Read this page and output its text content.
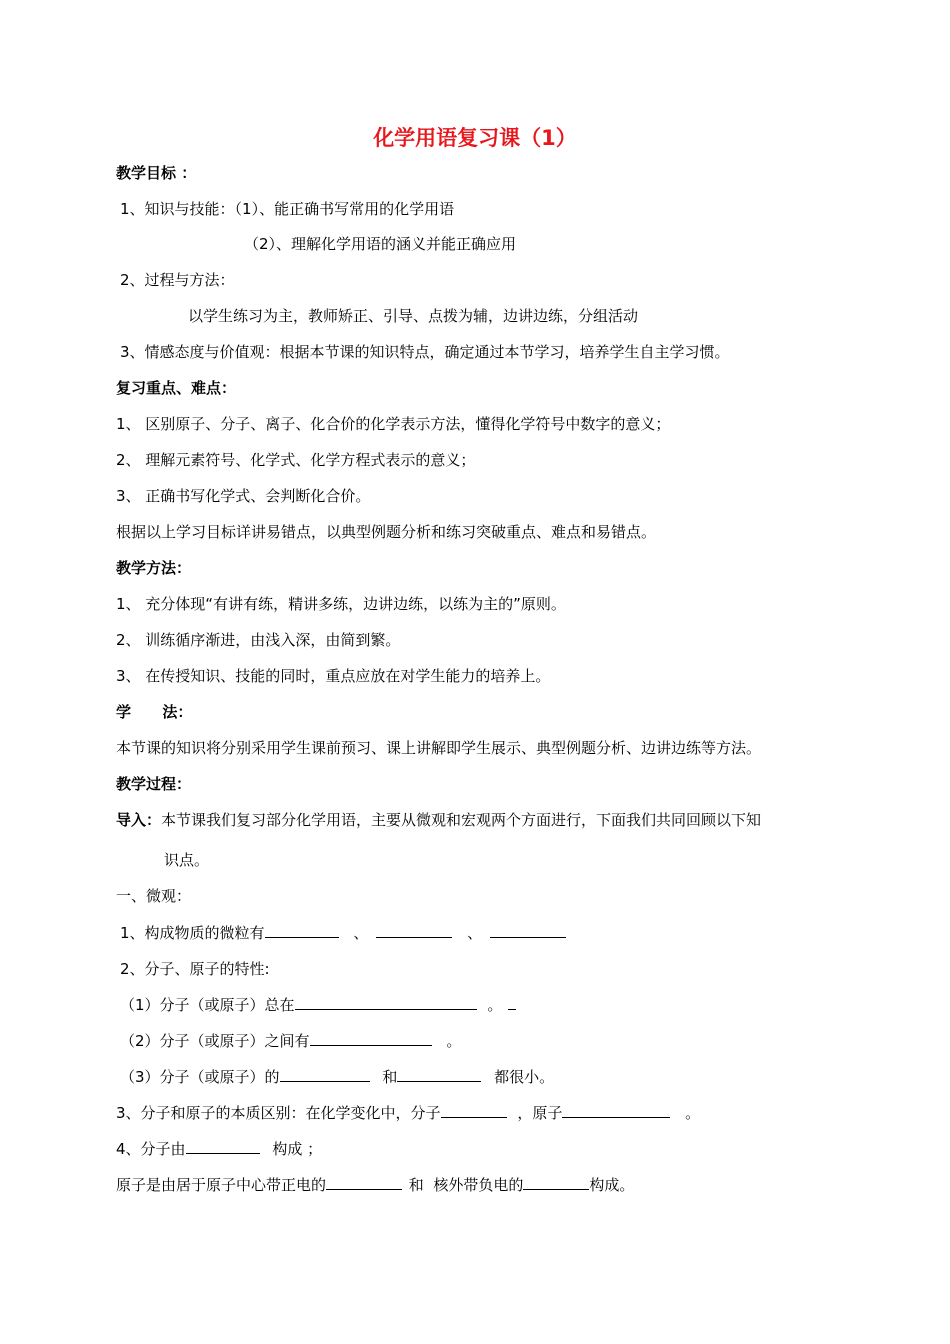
化学用语复习课（1）
教学目标 ：
1、知识与技能：（1）、能正确书写常用的化学用语
（2）、理解化学用语的涵义并能正确应用
2、过程与方法：
以学生练习为主，教师矫正、引导、点拨为辅，边讲边练，分组活动
3、情感态度与价值观：根据本节课的知识特点，确定通过本节学习，培养学生自主学习惯。
复习重点、难点：
1、 区别原子、分子、离子、化合价的化学表示方法，懂得化学符号中数字的意义；
2、 理解元素符号、化学式、化学方程式表示的意义；
3、 正确书写化学式、会判断化合价。
根据以上学习目标详讲易错点，以典型例题分析和练习突破重点、难点和易错点。
教学方法：
1、 充分体现“有讲有练，精讲多练，边讲边练，以练为主的”原则。
2、 训练循序渐进，由浅入深，由简到繁。
3、 在传授知识、技能的同时，重点应放在对学生能力的培养上。
学      法：
本节课的知识将分别采用学生课前预习、课上讲解即学生展示、典型例题分析、边讲边练等方法。
教学过程：
导入：本节课我们复习部分化学用语，主要从微观和宏观两个方面进行，下面我们共同回顾以下知
识点。
一、微观：
1、构成物质的微粒有	、	、
2、分子、原子的特性:
（1）分子（或原子）总在	。
（2）分子（或原子）之间有	。
（3）分子（或原子）的	和	都很小。
3、分子和原子的本质区别：在化学变化中，分子	，原子	。
4、分子由	构成 ；
原子是由居于原子中心带正电的	和  核外带负电的	构成。
